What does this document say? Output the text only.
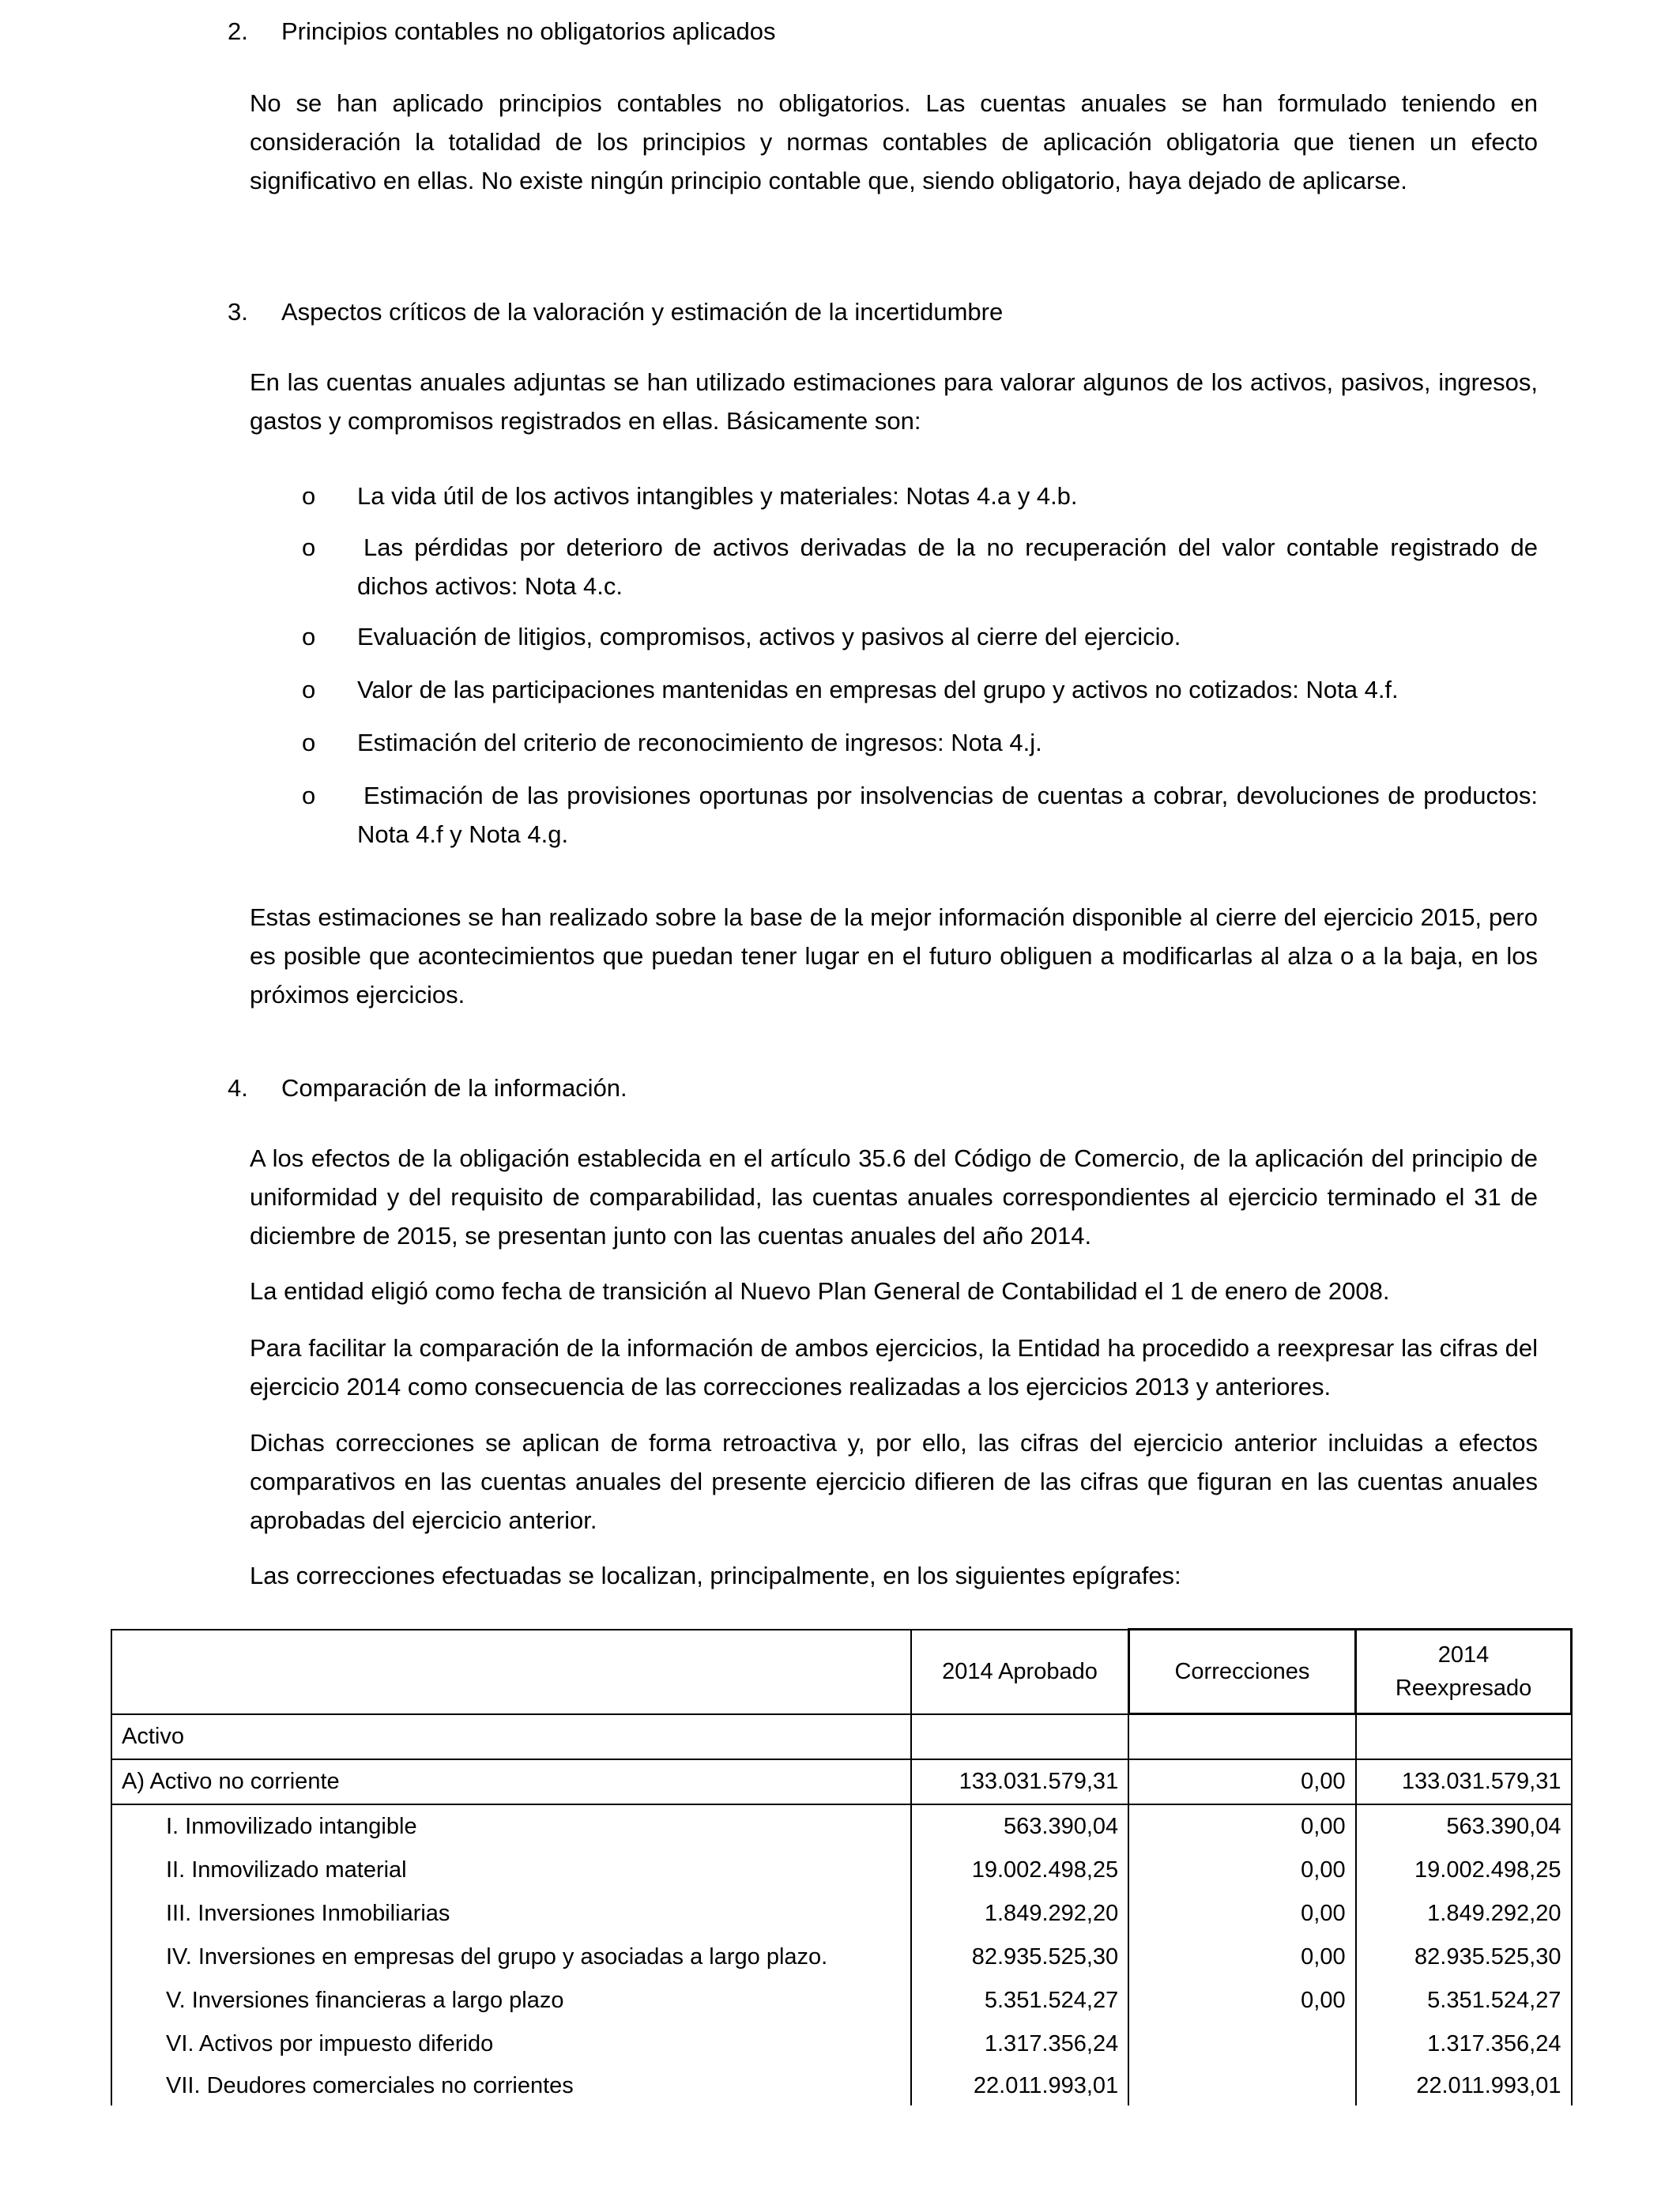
2. Principios contables no obligatorios aplicados

No se han aplicado principios contables no obligatorios. Las cuentas anuales se han formulado teniendo en consideración la totalidad de los principios y normas contables de aplicación obligatoria que tienen un efecto significativo en ellas. No existe ningún principio contable que, siendo obligatorio, haya dejado de aplicarse.

3. Aspectos críticos de la valoración y estimación de la incertidumbre

En las cuentas anuales adjuntas se han utilizado estimaciones para valorar algunos de los activos, pasivos, ingresos, gastos y compromisos registrados en ellas. Básicamente son:

o La vida útil de los activos intangibles y materiales: Notas 4.a y 4.b.
o Las pérdidas por deterioro de activos derivadas de la no recuperación del valor contable registrado de dichos activos: Nota 4.c.
o Evaluación de litigios, compromisos, activos y pasivos al cierre del ejercicio.
o Valor de las participaciones mantenidas en empresas del grupo y activos no cotizados: Nota 4.f.
o Estimación del criterio de reconocimiento de ingresos: Nota 4.j.
o Estimación de las provisiones oportunas por insolvencias de cuentas a cobrar, devoluciones de productos: Nota 4.f y Nota 4.g.

Estas estimaciones se han realizado sobre la base de la mejor información disponible al cierre del ejercicio 2015, pero es posible que acontecimientos que puedan tener lugar en el futuro obliguen a modificarlas al alza o a la baja, en los próximos ejercicios.

4. Comparación de la información.

A los efectos de la obligación establecida en el artículo 35.6 del Código de Comercio, de la aplicación del principio de uniformidad y del requisito de comparabilidad, las cuentas anuales correspondientes al ejercicio terminado el 31 de diciembre de 2015, se presentan junto con las cuentas anuales del año 2014.

La entidad eligió como fecha de transición al Nuevo Plan General de Contabilidad el 1 de enero de 2008.

Para facilitar la comparación de la información de ambos ejercicios, la Entidad ha procedido a reexpresar las cifras del ejercicio 2014 como consecuencia de las correcciones realizadas a los ejercicios 2013 y anteriores.

Dichas correcciones se aplican de forma retroactiva y, por ello, las cifras del ejercicio anterior incluidas a efectos comparativos en las cuentas anuales del presente ejercicio difieren de las cifras que figuran en las cuentas anuales aprobadas del ejercicio anterior.

Las correcciones efectuadas se localizan, principalmente, en los siguientes epígrafes:

	2014 Aprobado	Correcciones	2014
Reexpresado

Activo			
A) Activo no corriente	133.031.579,31	0,00	133.031.579,31
I. Inmovilizado intangible	563.390,04	0,00	563.390,04
II. Inmovilizado material	19.002.498,25	0,00	19.002.498,25
III. Inversiones Inmobiliarias	1.849.292,20	0,00	1.849.292,20
IV. Inversiones en empresas del grupo y asociadas a largo plazo.	82.935.525,30	0,00	82.935.525,30
V. Inversiones financieras a largo plazo	5.351.524,27	0,00	5.351.524,27
VI. Activos por impuesto diferido	1.317.356,24		1.317.356,24
VII. Deudores comerciales no corrientes	22.011.993,01		22.011.993,01
